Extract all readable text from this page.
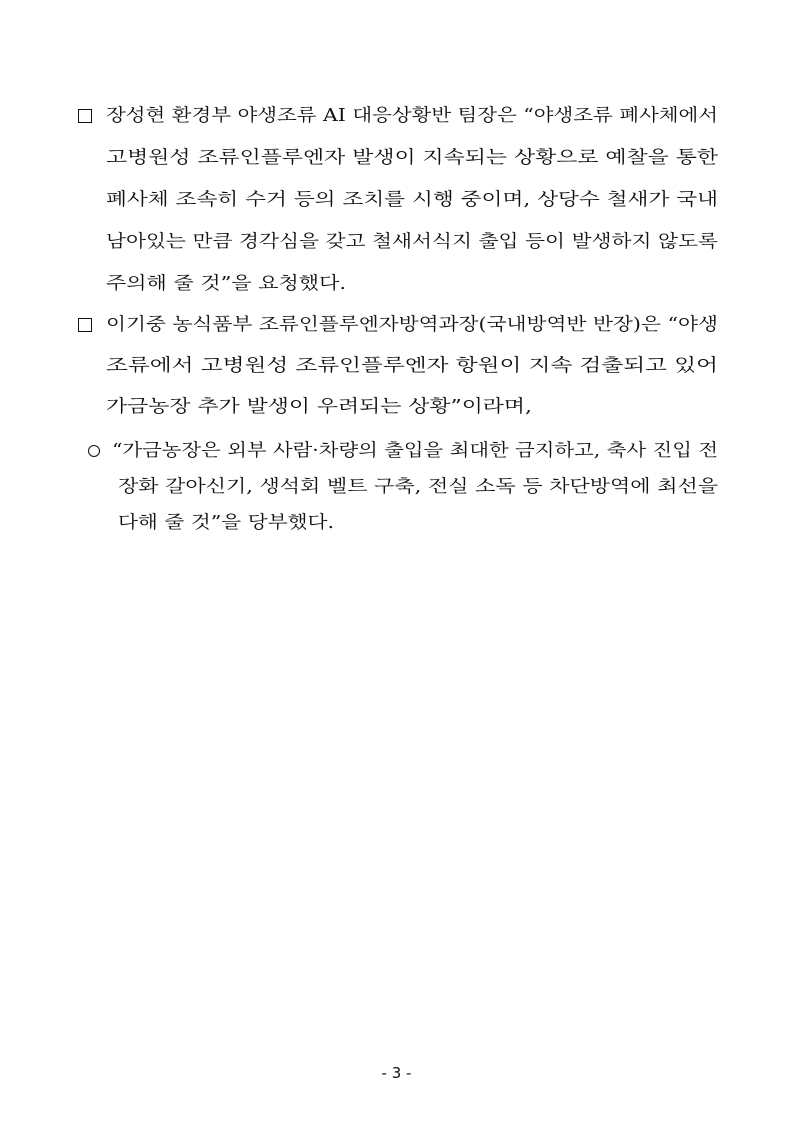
장성현 환경부 야생조류 AI 대응상황반 팀장은 “야생조류 폐사체에서
고병원성 조류인플루엔자 발생이 지속되는 상황으로 예찰을 통한
폐사체 조속히 수거 등의 조치를 시행 중이며, 상당수 철새가 국내
남아있는 만큼 경각심을 갖고 철새서식지 출입 등이 발생하지 않도록
주의해 줄 것”을 요청했다.
이기중 농식품부 조류인플루엔자방역과장(국내방역반 반장)은 “야생
조류에서 고병원성 조류인플루엔자 항원이 지속 검출되고 있어
가금농장 추가 발생이 우려되는 상황”이라며,
“가금농장은 외부 사람·차량의 출입을 최대한 금지하고, 축사 진입 전
장화 갈아신기, 생석회 벨트 구축, 전실 소독 등 차단방역에 최선을
다해 줄 것”을 당부했다.
- 3 -
